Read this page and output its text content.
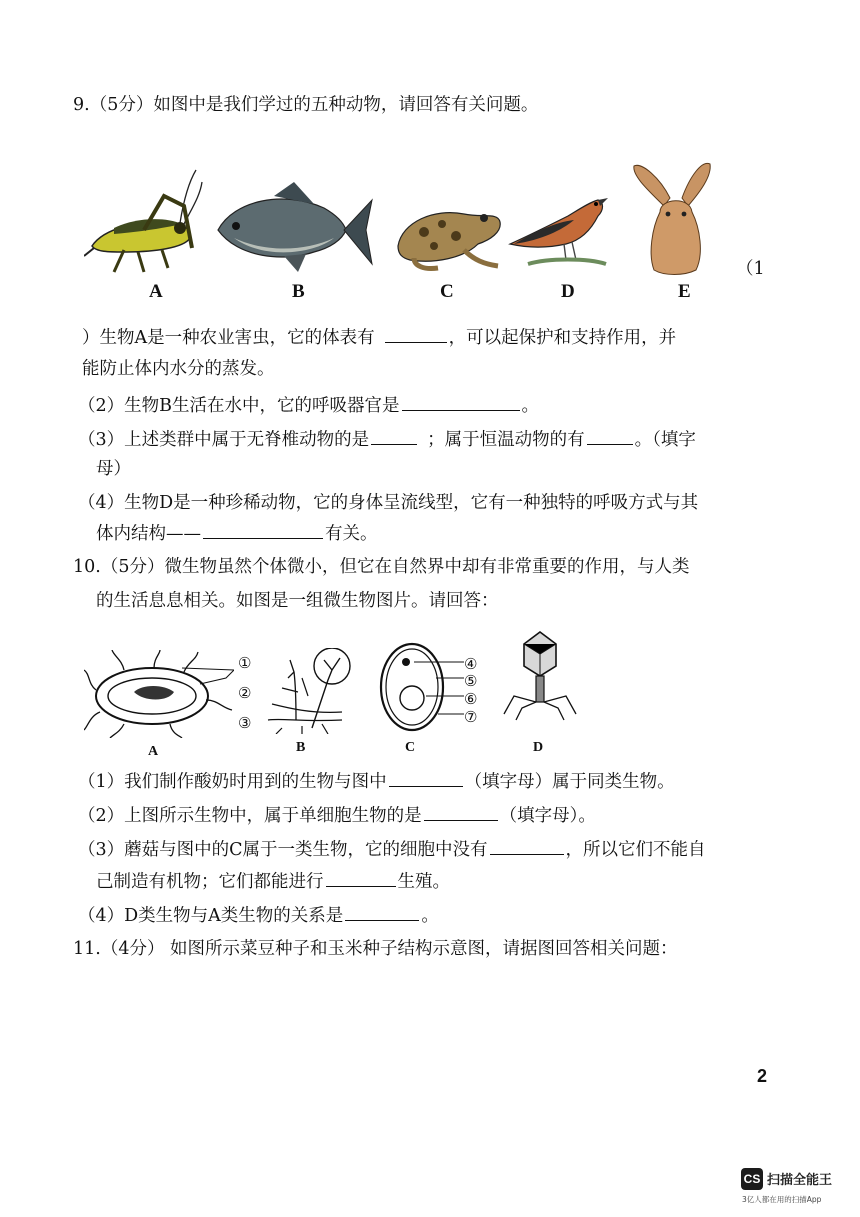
9.（5分）如图中是我们学过的五种动物，请回答有关问题。
A	B	C	D	E
（1
）生物A是一种农业害虫，它的体表有	，可以起保护和支持作用，并
能防止体内水分的蒸发。
（2）生物B生活在水中，它的呼吸器官是	。
（3）上述类群中属于无脊椎动物的是	；属于恒温动物的有	。（填字
母）
（4）生物D是一种珍稀动物，它的身体呈流线型，它有一种独特的呼吸方式与其
体内结构——	有关。
10.（5分）微生物虽然个体微小，但它在自然界中却有非常重要的作用，与人类
的生活息息相关。如图是一组微生物图片。请回答：
①
②
③
④
⑤
⑥
⑦
A	B	C	D
（1）我们制作酸奶时用到的生物与图中	（填字母）属于同类生物。
（2）上图所示生物中，属于单细胞生物的是	（填字母）。
（3）蘑菇与图中的C属于一类生物，它的细胞中没有	，所以它们不能自
己制造有机物；它们都能进行	生殖。
（4）D类生物与A类生物的关系是	。
11.（4分） 如图所示菜豆种子和玉米种子结构示意图，请据图回答相关问题：
2
CS 扫描全能王
3亿人都在用的扫描App
